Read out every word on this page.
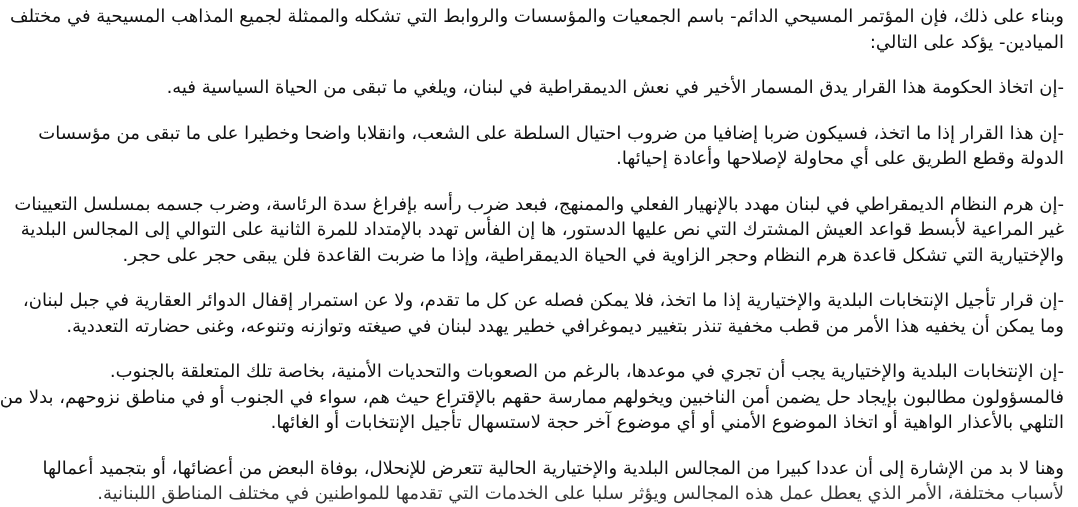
وبناء على ذلك، فإن المؤتمر المسيحي الدائم- باسم الجمعيات والمؤسسات والروابط التي تشكله والممثلة لجميع المذاهب المسيحية في مختلف
الميادين- يؤكد على التالي:
-إن اتخاذ الحكومة هذا القرار يدق المسمار الأخير في نعش الديمقراطية في لبنان، ويلغي ما تبقى من الحياة السياسية فيه.
-إن هذا القرار إذا ما اتخذ، فسيكون ضربا إضافيا من ضروب احتيال السلطة على الشعب، وانقلابا واضحا وخطيرا على ما تبقى من مؤسسات
الدولة وقطع الطريق على أي محاولة لإصلاحها وأعادة إحيائها.
-إن هرم النظام الديمقراطي في لبنان مهدد بالإنهيار الفعلي والممنهج، فبعد ضرب رأسه بإفراغ سدة الرئاسة، وضرب جسمه بمسلسل التعيينات
غير المراعية لأبسط قواعد العيش المشترك التي نص عليها الدستور، ها إن الفأس تهدد بالإمتداد للمرة الثانية على التوالي إلى المجالس البلدية
والإختيارية التي تشكل قاعدة هرم النظام وحجر الزاوية في الحياة الديمقراطية، وإذا ما ضربت القاعدة فلن يبقى حجر على حجر.
-إن قرار تأجيل الإنتخابات البلدية والإختيارية إذا ما اتخذ، فلا يمكن فصله عن كل ما تقدم، ولا عن استمرار إقفال الدوائر العقارية في جبل لبنان،
وما يمكن أن يخفيه هذا الأمر من قطب مخفية تنذر بتغيير ديموغرافي خطير يهدد لبنان في صيغته وتوازنه وتنوعه، وغنى حضارته التعددية.
-إن الإنتخابات البلدية والإختيارية يجب أن تجري في موعدها، بالرغم من الصعوبات والتحديات الأمنية، بخاصة تلك المتعلقة بالجنوب.
فالمسؤولون مطالبون بإيجاد حل يضمن أمن الناخبين ويخولهم ممارسة حقهم بالإقتراع حيث هم، سواء في الجنوب أو في مناطق نزوحهم، بدلا من
التلهي بالأعذار الواهية أو اتخاذ الموضوع الأمني أو أي موضوع آخر حجة لاستسهال تأجيل الإنتخابات أو الغائها.
وهنا لا بد من الإشارة إلى أن عددا كبيرا من المجالس البلدية والإختيارية الحالية تتعرض للإنحلال، بوفاة البعض من أعضائها، أو بتجميد أعمالها
لأسباب مختلفة، الأمر الذي يعطل عمل هذه المجالس ويؤثر سلبا على الخدمات التي تقدمها للمواطنين في مختلف المناطق اللبنانية.
